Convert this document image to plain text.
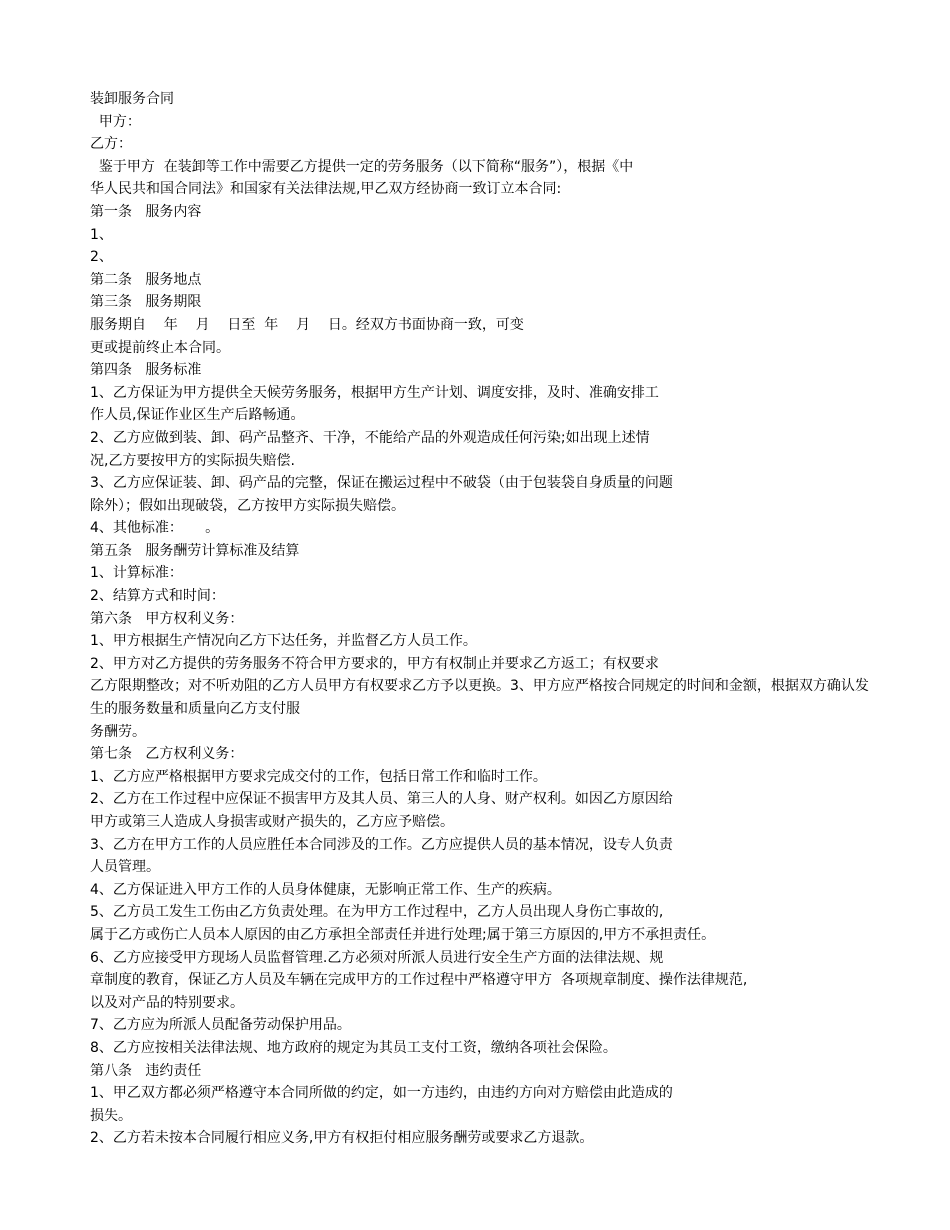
装卸服务合同
甲方：
乙方：
鉴于甲方  在装卸等工作中需要乙方提供一定的劳务服务（以下简称“服务”），根据《中
华人民共和国合同法》和国家有关法律法规,甲乙双方经协商一致订立本合同:
第一条   服务内容
1、
2、
第二条   服务地点
第三条   服务期限
服务期自    年    月    日至  年    月    日。经双方书面协商一致，可变
更或提前终止本合同。
第四条   服务标准
1、乙方保证为甲方提供全天候劳务服务，根据甲方生产计划、调度安排，及时、准确安排工
作人员,保证作业区生产后路畅通。
2、乙方应做到装、卸、码产品整齐、干净，不能给产品的外观造成任何污染;如出现上述情
况,乙方要按甲方的实际损失赔偿.
3、乙方应保证装、卸、码产品的完整，保证在搬运过程中不破袋（由于包装袋自身质量的问题
除外）；假如出现破袋，乙方按甲方实际损失赔偿。
4、其他标准：     。
第五条   服务酬劳计算标准及结算
1、计算标准：
2、结算方式和时间：
第六条   甲方权利义务：
1、甲方根据生产情况向乙方下达任务，并监督乙方人员工作。
2、甲方对乙方提供的劳务服务不符合甲方要求的，甲方有权制止并要求乙方返工；有权要求
乙方限期整改；对不听劝阻的乙方人员甲方有权要求乙方予以更换。3、甲方应严格按合同规定的时间和金额，根据双方确认发生的服务数量和质量向乙方支付服
务酬劳。
第七条   乙方权利义务：
1、乙方应严格根据甲方要求完成交付的工作，包括日常工作和临时工作。
2、乙方在工作过程中应保证不损害甲方及其人员、第三人的人身、财产权利。如因乙方原因给
甲方或第三人造成人身损害或财产损失的，乙方应予赔偿。
3、乙方在甲方工作的人员应胜任本合同涉及的工作。乙方应提供人员的基本情况，设专人负责
人员管理。
4、乙方保证进入甲方工作的人员身体健康，无影响正常工作、生产的疾病。
5、乙方员工发生工伤由乙方负责处理。在为甲方工作过程中，乙方人员出现人身伤亡事故的,
属于乙方或伤亡人员本人原因的由乙方承担全部责任并进行处理;属于第三方原因的,甲方不承担责任。
6、乙方应接受甲方现场人员监督管理.乙方必须对所派人员进行安全生产方面的法律法规、规
章制度的教育，保证乙方人员及车辆在完成甲方的工作过程中严格遵守甲方  各项规章制度、操作法律规范,
以及对产品的特别要求。
7、乙方应为所派人员配备劳动保护用品。
8、乙方应按相关法律法规、地方政府的规定为其员工支付工资，缴纳各项社会保险。
第八条   违约责任
1、甲乙双方都必须严格遵守本合同所做的约定，如一方违约，由违约方向对方赔偿由此造成的
损失。
2、乙方若未按本合同履行相应义务,甲方有权拒付相应服务酬劳或要求乙方退款。
